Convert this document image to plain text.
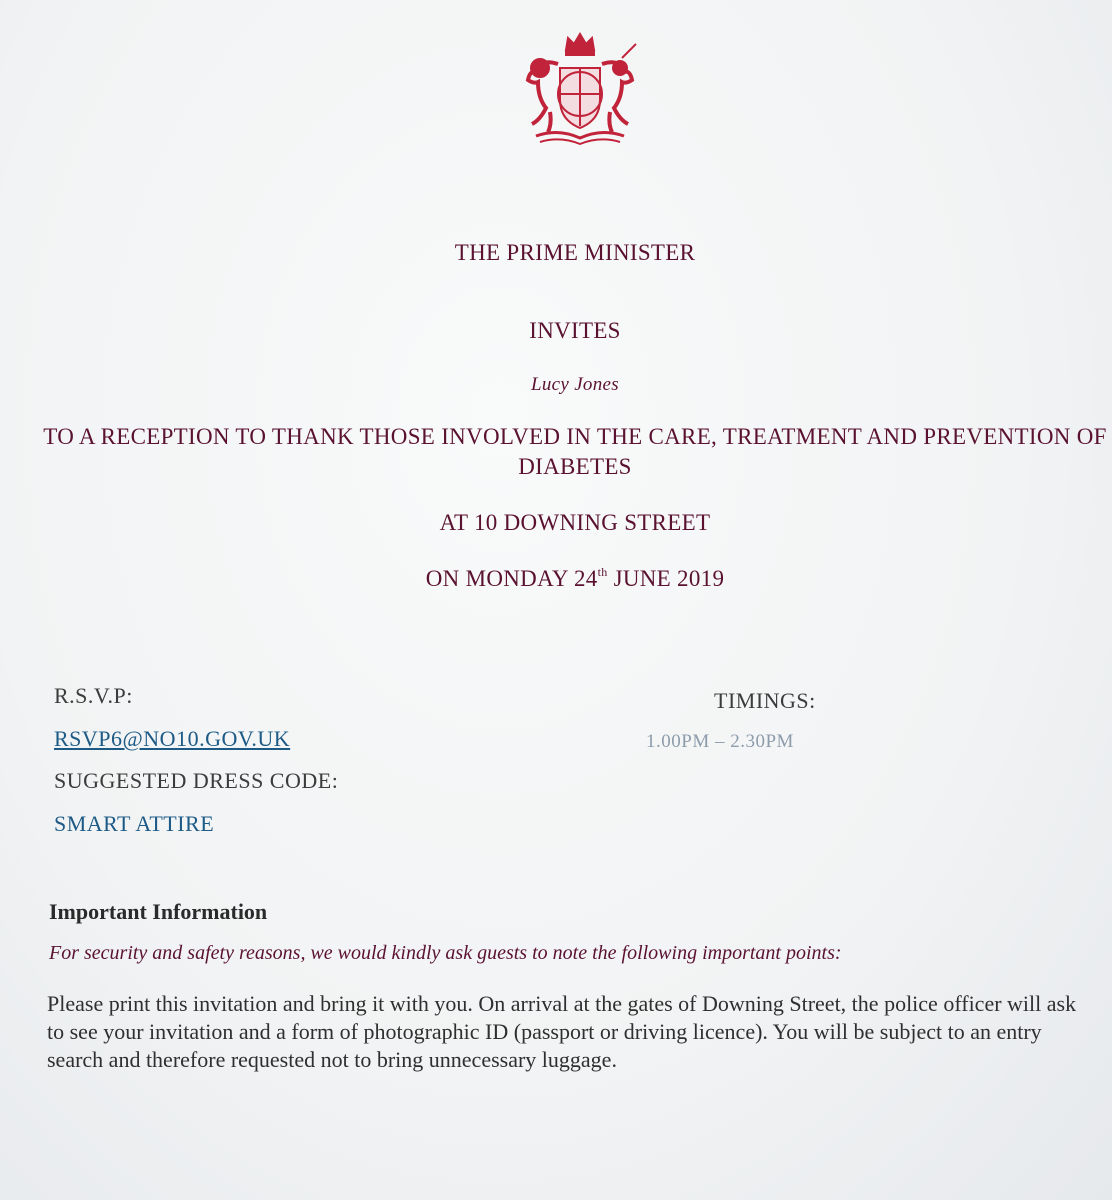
THE PRIME MINISTER
INVITES
Lucy Jones
TO A RECEPTION TO THANK THOSE INVOLVED IN THE CARE, TREATMENT AND PREVENTION OF DIABETES
AT 10 DOWNING STREET
ON MONDAY 24th JUNE 2019
R.S.V.P:
RSVP6@NO10.GOV.UK
SUGGESTED DRESS CODE:
SMART ATTIRE
TIMINGS:
1.00PM – 2.30PM
Important Information
For security and safety reasons, we would kindly ask guests to note the following important points:
Please print this invitation and bring it with you. On arrival at the gates of Downing Street, the police officer will ask to see your invitation and a form of photographic ID (passport or driving licence). You will be subject to an entry search and therefore requested not to bring unnecessary luggage.
